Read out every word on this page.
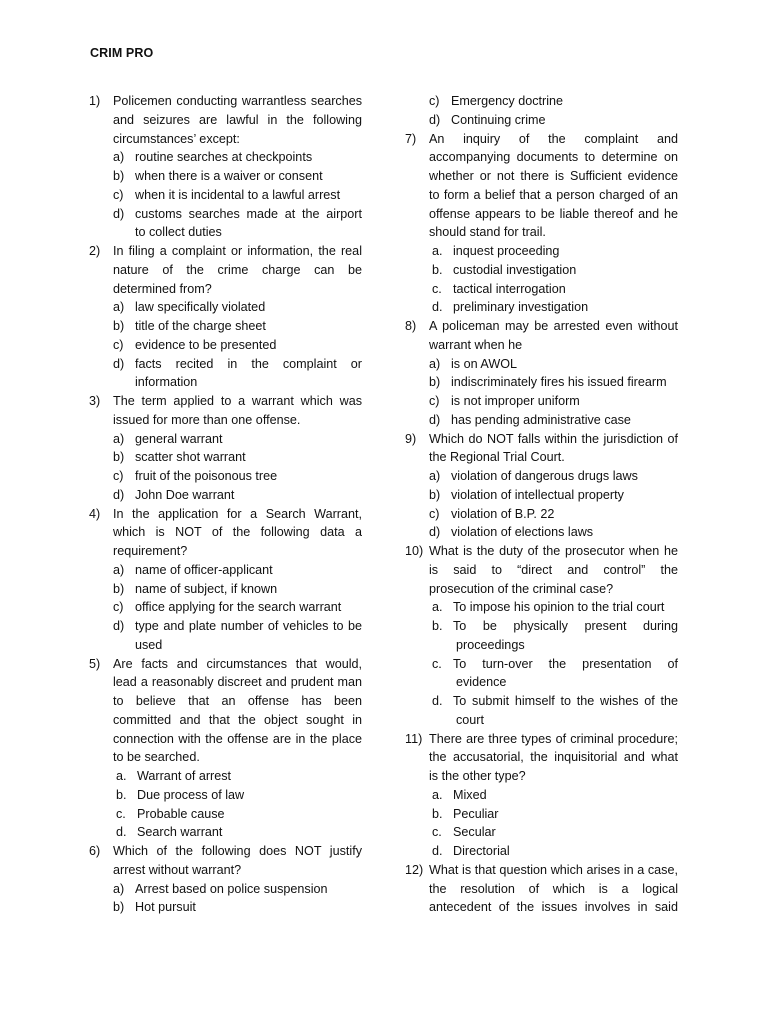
CRIM PRO
1) Policemen conducting warrantless searches
and seizures are lawful in the following
circumstances’ except:
a) routine searches at checkpoints
b) when there is a waiver or consent
c) when it is incidental to a lawful arrest
d) customs searches made at the airport
to collect duties
2) In filing a complaint or information, the real
nature of the crime charge can be
determined from?
a) law specifically violated
b) title of the charge sheet
c) evidence to be presented
d) facts recited in the complaint or
information
3) The term applied to a warrant which was
issued for more than one offense.
a) general warrant
b) scatter shot warrant
c) fruit of the poisonous tree
d) John Doe warrant
4) In the application for a Search Warrant,
which is NOT of the following data a
requirement?
a) name of officer-applicant
b) name of subject, if known
c) office applying for the search warrant
d) type and plate number of vehicles to be
used
5) Are facts and circumstances that would,
lead a reasonably discreet and prudent man
to believe that an offense has been
committed and that the object sought in
connection with the offense are in the place
to be searched.
a. Warrant of arrest
b. Due process of law
c. Probable cause
d. Search warrant
6) Which of the following does NOT justify
arrest without warrant?
a) Arrest based on police suspension
b) Hot pursuit
c) Emergency doctrine
d) Continuing crime
7) An inquiry of the complaint and
accompanying documents to determine on
whether or not there is Sufficient evidence
to form a belief that a person charged of an
offense appears to be liable thereof and he
should stand for trail.
a. inquest proceeding
b. custodial investigation
c. tactical interrogation
d. preliminary investigation
8) A policeman may be arrested even without
warrant when he
a) is on AWOL
b) indiscriminately fires his issued firearm
c) is not improper uniform
d) has pending administrative case
9) Which do NOT falls within the jurisdiction of
the Regional Trial Court.
a) violation of dangerous drugs laws
b) violation of intellectual property
c) violation of B.P. 22
d) violation of elections laws
10) What is the duty of the prosecutor when he
is said to “direct and control” the
prosecution of the criminal case?
a. To impose his opinion to the trial court
b. To be physically present during
proceedings
c. To turn-over the presentation of
evidence
d. To submit himself to the wishes of the
court
11) There are three types of criminal procedure;
the accusatorial, the inquisitorial and what
is the other type?
a. Mixed
b. Peculiar
c. Secular
d. Directorial
12) What is that question which arises in a case,
the resolution of which is a logical
antecedent of the issues involves in said
